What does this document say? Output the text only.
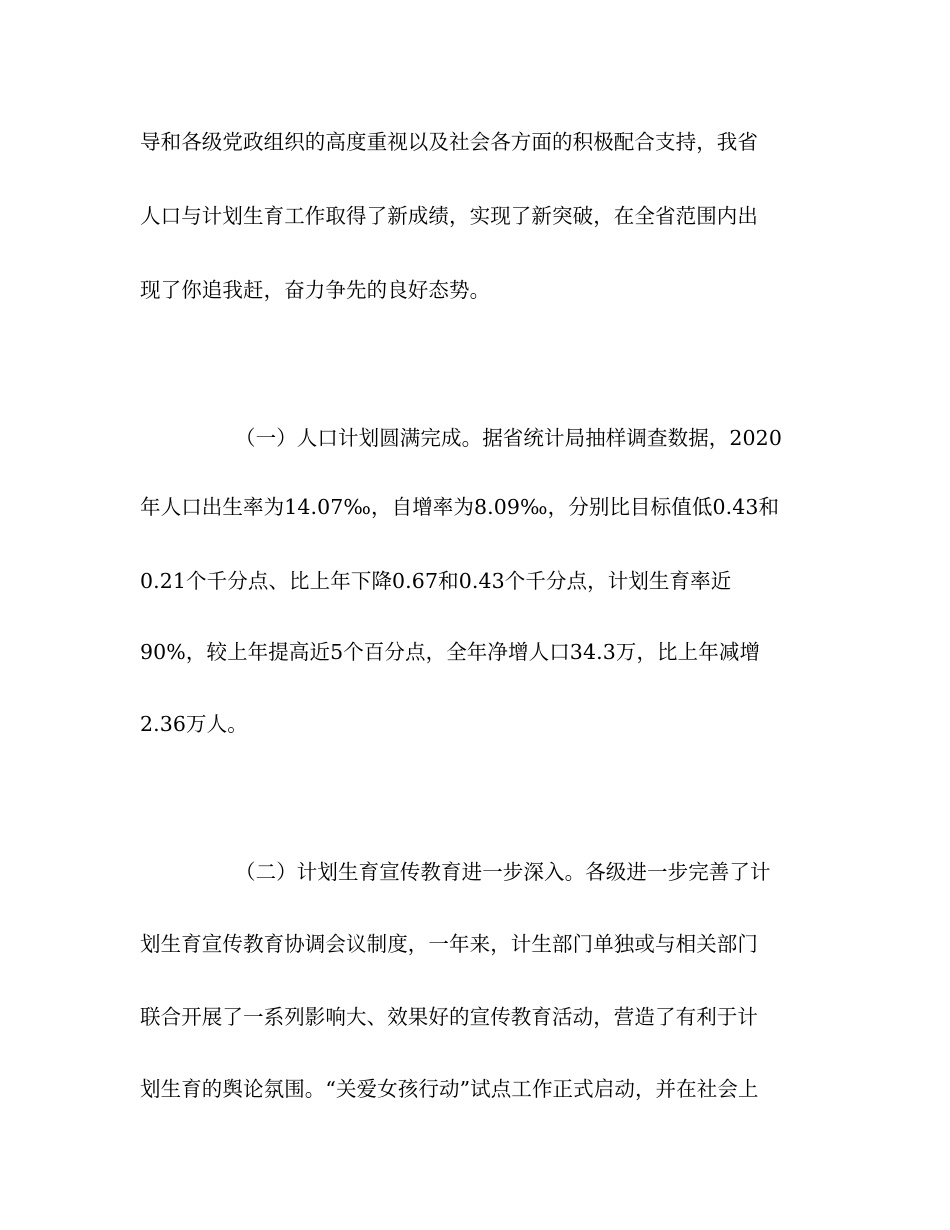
导和各级党政组织的高度重视以及社会各方面的积极配合支持，我省
人口与计划生育工作取得了新成绩，实现了新突破，在全省范围内出
现了你追我赶，奋力争先的良好态势。
（一）人口计划圆满完成。据省统计局抽样调查数据，2020
年人口出生率为14.07‰，自增率为8.09‰，分别比目标值低0.43和
0.21个千分点、比上年下降0.67和0.43个千分点，计划生育率近
90%，较上年提高近5个百分点，全年净增人口34.3万，比上年减增
2.36万人。
（二）计划生育宣传教育进一步深入。各级进一步完善了计
划生育宣传教育协调会议制度，一年来，计生部门单独或与相关部门
联合开展了一系列影响大、效果好的宣传教育活动，营造了有利于计
划生育的舆论氛围。“关爱女孩行动”试点工作正式启动，并在社会上
